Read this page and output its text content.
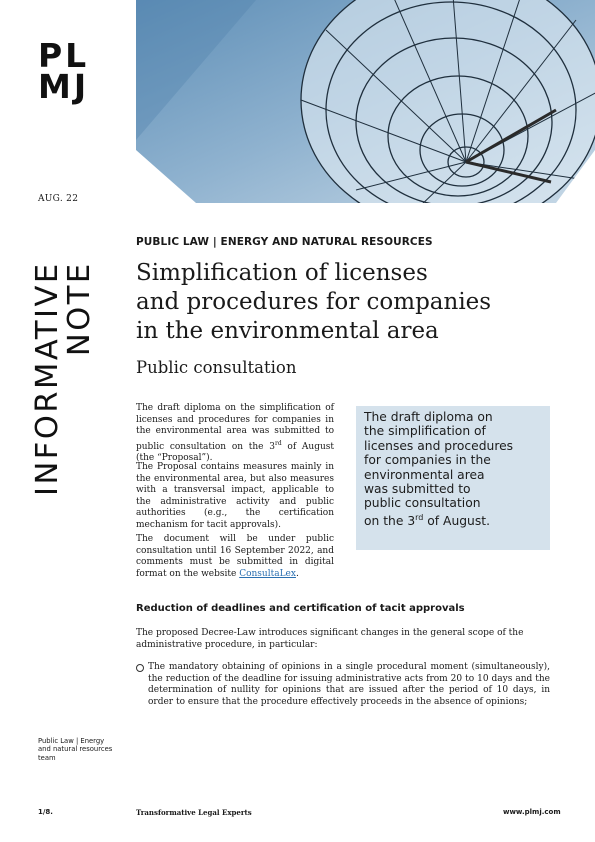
PL
MJ
AUG. 22
INFORMATIVE
NOTE
PUBLIC LAW | ENERGY AND NATURAL RESOURCES
Simplification of licenses
and procedures for companies
in the environmental area
Public consultation
The draft diploma on the simplification of licenses and procedures for companies in the environmental area was submitted to public consultation on the 3rd of August (the “Proposal”).
The Proposal contains measures mainly in the environmental area, but also measures with a transversal impact, applicable to the administrative activity and public authorities (e.g., the certification mechanism for tacit approvals).
The document will be under public consultation until 16 September 2022, and comments must be submitted in digital format on the website ConsultaLex.

The draft diploma on
the simplification of
licenses and procedures
for companies in the
environmental area
was submitted to
public consultation
on the 3rd of August.

Reduction of deadlines and certification of tacit approvals
The proposed Decree-Law introduces significant changes in the general scope of the administrative procedure, in particular:
The mandatory obtaining of opinions in a single procedural moment (simultaneously), the reduction of the deadline for issuing administrative acts from 20 to 10 days and the determination of nullity for opinions that are issued after the period of 10 days, in order to ensure that the procedure effectively proceeds in the absence of opinions;
Public Law | Energy and natural resources team
1/8.	Transformative Legal Experts	www.plmj.com
